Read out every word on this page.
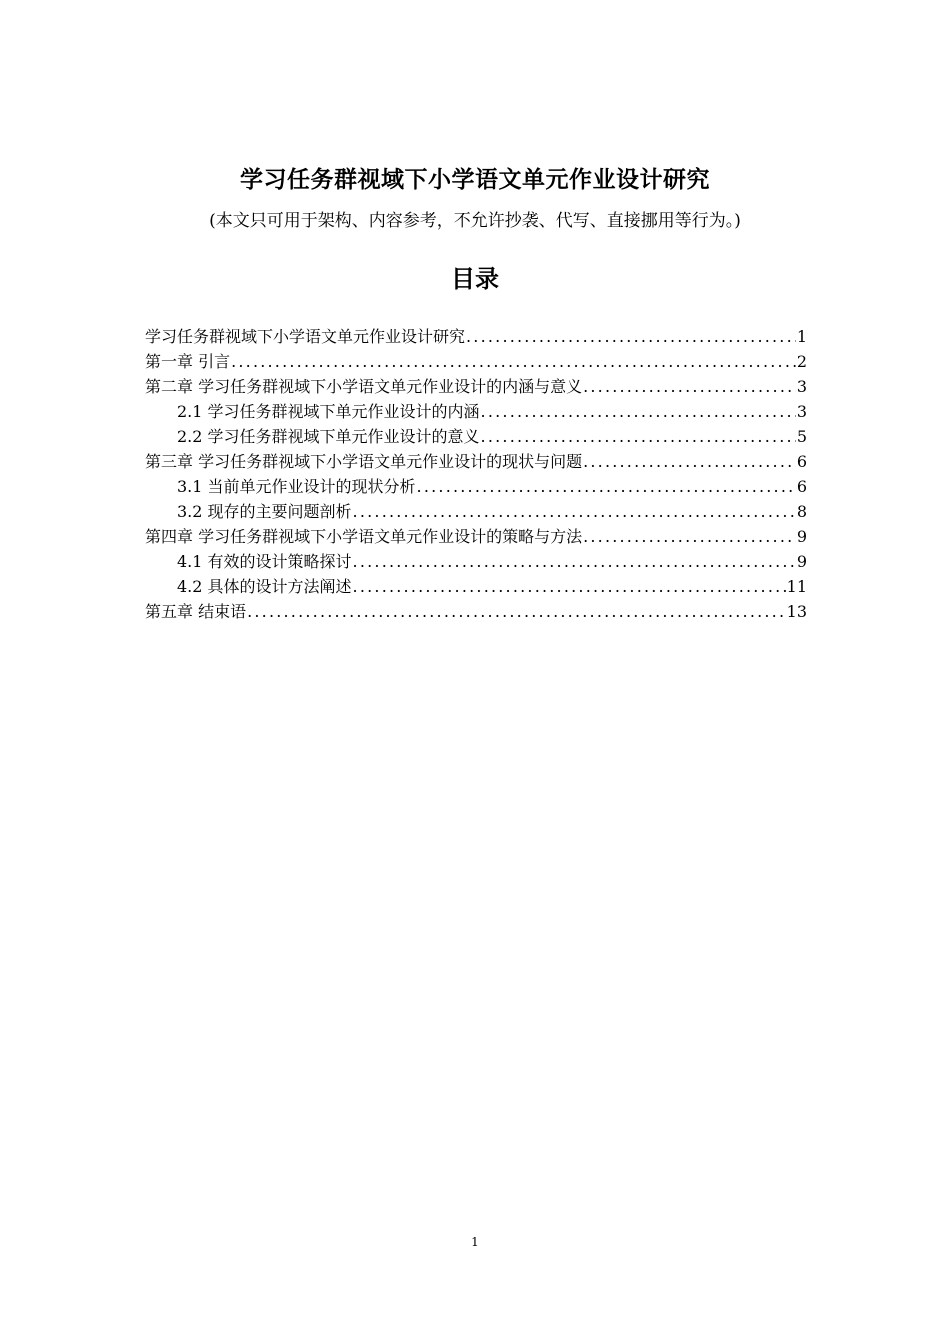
学习任务群视域下小学语文单元作业设计研究
(本文只可用于架构、内容参考，不允许抄袭、代写、直接挪用等行为。)
目录
学习任务群视域下小学语文单元作业设计研究 .....	1
第一章 引言 .....	2
第二章 学习任务群视域下小学语文单元作业设计的内涵与意义 .....	3
2.1 学习任务群视域下单元作业设计的内涵 .....	3
2.2 学习任务群视域下单元作业设计的意义 .....	5
第三章 学习任务群视域下小学语文单元作业设计的现状与问题 .....	6
3.1 当前单元作业设计的现状分析 .....	6
3.2 现存的主要问题剖析 .....	8
第四章 学习任务群视域下小学语文单元作业设计的策略与方法 .....	9
4.1 有效的设计策略探讨 .....	9
4.2 具体的设计方法阐述 .....	11
第五章 结束语 .....	13
1
